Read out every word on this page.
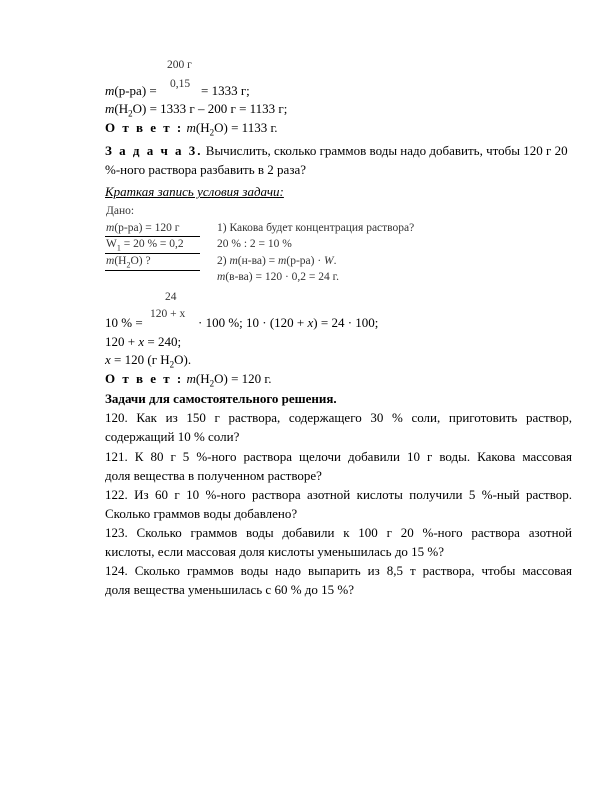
200 г
0,15
m(р-ра) =	= 1333 г;
$m(H_2O) = 1333$ г – 200 г = 1133 г;
О т в е т : $m(H_2O) = 1133$ г.
З а д а ч а 3. Вычислить, сколько граммов воды надо добавить, чтобы 120 г 20
%-ного раствора разбавить в 2 раза?
Краткая запись условия задачи:
Дано:
m(р-ра) = 120 г
$W_1 = 20$ % = 0,2
$m(H_2O)$ ?
1) Какова будет концентрация раствора?
20 % : 2 = 10 %
2) m(н-ва) = m(р-ра) · W.
m(в-ва) = 120 · 0,2 = 24 г.
24
120 + x
10 % =	· 100 %; 10 · (120 + x) = 24 · 100;
120 + x = 240;
x = 120 (г $H_2O$).
О т в е т : $m(H_2O) = 120$ г.
Задачи для самостоятельного решения.
120. Как из 150 г раствора, содержащего 30 % соли, приготовить раствор,
содержащий 10 % соли?
121. К 80 г 5 %-ного раствора щелочи добавили 10 г воды. Какова массовая
доля вещества в полученном растворе?
122. Из 60 г 10 %-ного раствора азотной кислоты получили 5 %-ный раствор.
Сколько граммов воды добавлено?
123. Сколько граммов воды добавили к 100 г 20 %-ного раствора азотной
кислоты, если массовая доля кислоты уменьшилась до 15 %?
124. Сколько граммов воды надо выпарить из 8,5 т раствора, чтобы массовая
доля вещества уменьшилась с 60 % до 15 %?
